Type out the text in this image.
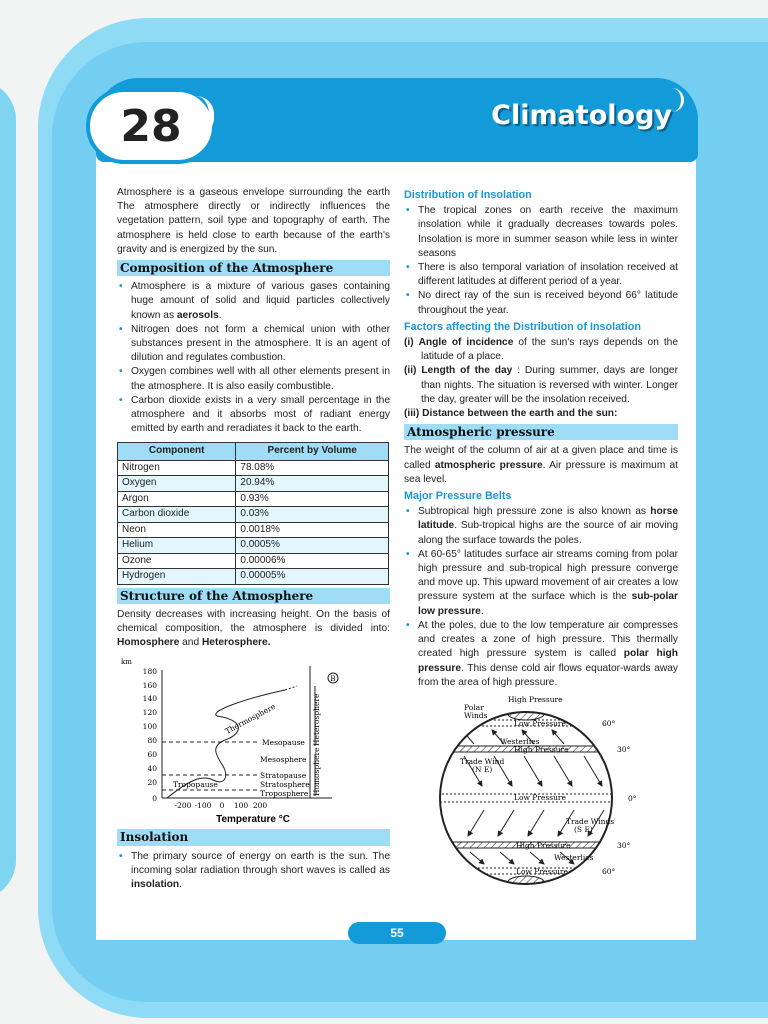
28	Climatology

Atmosphere is a gaseous envelope surrounding the earth The atmosphere directly or indirectly influences the vegetation pattern, soil type and topography of earth. The atmosphere is held close to earth because of the earth's gravity and is energized by the sun.

Composition of the Atmosphere
• Atmosphere is a mixture of various gases containing huge amount of solid and liquid particles collectively known as aerosols.
• Nitrogen does not form a chemical union with other substances present in the atmosphere. It is an agent of dilution and regulates combustion.
• Oxygen combines well with all other elements present in the atmosphere. It is also easily combustible.
• Carbon dioxide exists in a very small percentage in the atmosphere and it absorbs most of radiant energy emitted by earth and reradiates it back to the earth.
Component	Percent by Volume
Nitrogen	78.08%
Oxygen	20.94%
Argon	0.93%
Carbon dioxide	0.03%
Neon	0.0018%
Helium	0.0005%
Ozone	0.00006%
Hydrogen	0.00005%
Structure of the Atmosphere

Density decreases with increasing height. On the basis of chemical composition, the atmosphere is divided into: Homosphere and Heterosphere.

km
180
160
140
120
100
80
60
40
20
0
-200 -100 0 100 200
Thermosphere
Mesopause
Mesosphere
Stratopause
Stratosphere
Troposphere
Tropopause
Heterosphere
Homosphere
B
Temperature °C
Insolation
• The primary source of energy on earth is the sun. The incoming solar radiation through short waves is called as insolation.
Distribution of Insolation
• The tropical zones on earth receive the maximum insolation while it gradually decreases towards poles. Insolation is more in summer season while less in winter seasons
• There is also temporal variation of insolation received at different latitudes at different period of a year.
• No direct ray of the sun is received beyond 66° latitude throughout the year.
Factors affecting the Distribution of Insolation
(i) Angle of incidence of the sun's rays depends on the latitude of a place.
(ii) Length of the day : During summer, days are longer than nights. The situation is reversed with winter. Longer the day, greater will be the insolation received.
(iii) Distance between the earth and the sun:
Atmospheric pressure

The weight of the column of air at a given place and time is called atmospheric pressure. Air pressure is maximum at sea level.

Major Pressure Belts
• Subtropical high pressure zone is also known as horse latitude. Sub-tropical highs are the source of air moving along the surface towards the poles.
• At 60-65° latitudes surface air streams coming from polar high pressure and sub-tropical high pressure converge and move up. This upward movement of air creates a low pressure system at the surface which is the sub-polar low pressure.
• At the poles, due to the low temperature air compresses and creates a zone of high pressure. This thermally created high pressure system is called polar high pressure. This dense cold air flows equator-wards away from the area of high pressure.
High Pressure
Polar
Winds
Low Pressure
Westerlies
High Pressure
Trade Wind
(N E)
Low Pressure
Trade Winds
(S E)
High Pressure
Westerlies
Low Pressure
60°
30°
0°
30°
60°
55
